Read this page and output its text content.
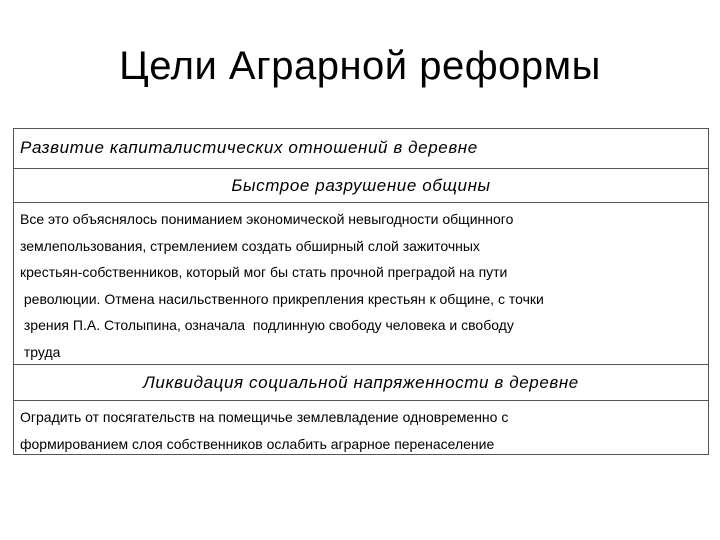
Цели Аграрной реформы
Развитие капиталистических отношений в деревне
Быстрое разрушение общины
Все это объяснялось пониманием экономической невыгодности общинного
землепользования, стремлением создать обширный слой зажиточных
крестьян-собственников, который мог бы стать прочной преградой на пути
революции. Отмена насильственного прикрепления крестьян к общине, с точки
зрения П.А. Столыпина, означала  подлинную свободу человека и свободу
труда
Ликвидация социальной напряженности в деревне
Оградить от посягательств на помещичье землевладение одновременно с
формированием слоя собственников ослабить аграрное перенаселение
